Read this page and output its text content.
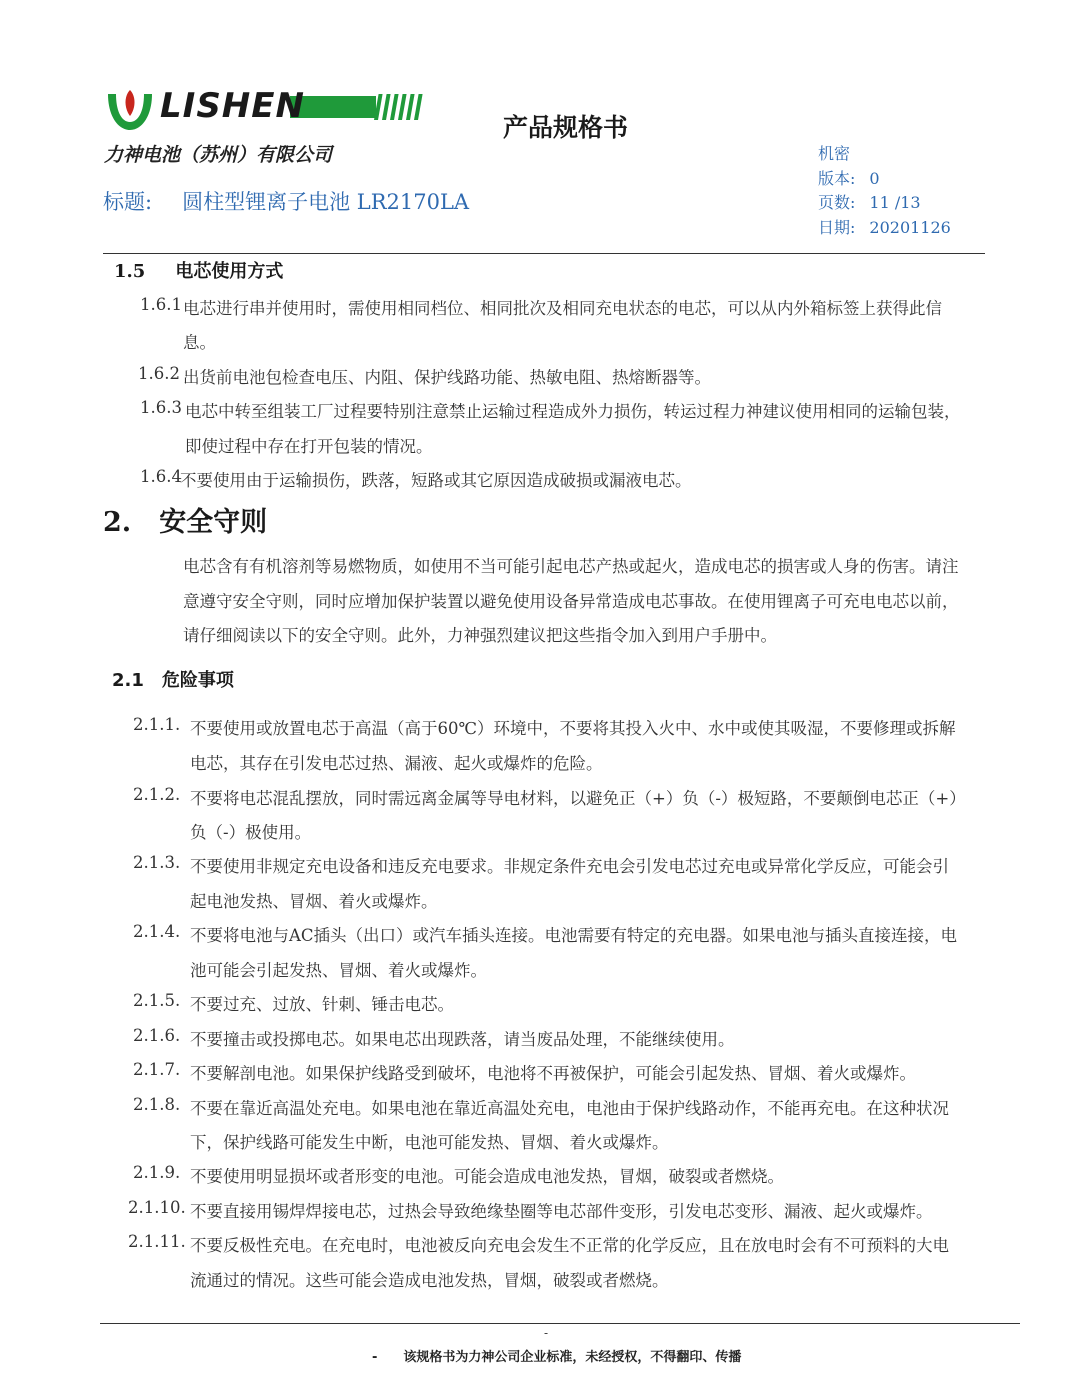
LISHEN
力神电池（苏州）有限公司
产品规格书
标题: 圆柱型锂离子电池 LR2170LA
机密
版本: 0
页数: 11 /13
日期: 20201126
1.5 电芯使用方式
1.6.1 电芯进行串并使用时，需使用相同档位、相同批次及相同充电状态的电芯，可以从内外箱标签上获得此信
息。
1.6.2 出货前电池包检查电压、内阻、保护线路功能、热敏电阻、热熔断器等。
1.6.3 电芯中转至组装工厂过程要特别注意禁止运输过程造成外力损伤，转运过程力神建议使用相同的运输包装，
即使过程中存在打开包装的情况。
1.6.4
不要使用由于运输损伤，跌落，短路或其它原因造成破损或漏液电芯。
2. 安全守则
电芯含有有机溶剂等易燃物质，如使用不当可能引起电芯产热或起火，造成电芯的损害或人身的伤害。请注
意遵守安全守则，同时应增加保护装置以避免使用设备异常造成电芯事故。在使用锂离子可充电电芯以前，
请仔细阅读以下的安全守则。此外，力神强烈建议把这些指令加入到用户手册中。
2.1 危险事项
2.1.1. 不要使用或放置电芯于高温（高于60℃）环境中，不要将其投入火中、水中或使其吸湿，不要修理或拆解
电芯，其存在引发电芯过热、漏液、起火或爆炸的危险。
2.1.2. 不要将电芯混乱摆放，同时需远离金属等导电材料，以避免正（+）负（-）极短路，不要颠倒电芯正（+）
负（-）极使用。
2.1.3. 不要使用非规定充电设备和违反充电要求。非规定条件充电会引发电芯过充电或异常化学反应，可能会引
起电池发热、冒烟、着火或爆炸。
2.1.4. 不要将电池与AC插头（出口）或汽车插头连接。电池需要有特定的充电器。如果电池与插头直接连接，电
池可能会引起发热、冒烟、着火或爆炸。
2.1.5. 不要过充、过放、针刺、锤击电芯。
2.1.6. 不要撞击或投掷电芯。如果电芯出现跌落，请当废品处理，不能继续使用。
2.1.7. 不要解剖电池。如果保护线路受到破坏，电池将不再被保护，可能会引起发热、冒烟、着火或爆炸。
2.1.8. 不要在靠近高温处充电。如果电池在靠近高温处充电，电池由于保护线路动作，不能再充电。在这种状况
下，保护线路可能发生中断，电池可能发热、冒烟、着火或爆炸。
2.1.9. 不要使用明显损坏或者形变的电池。可能会造成电池发热，冒烟，破裂或者燃烧。
2.1.10. 不要直接用锡焊焊接电芯，过热会导致绝缘垫圈等电芯部件变形，引发电芯变形、漏液、起火或爆炸。
2.1.11. 不要反极性充电。在充电时，电池被反向充电会发生不正常的化学反应，且在放电时会有不可预料的大电
流通过的情况。这些可能会造成电池发热，冒烟，破裂或者燃烧。
-
- 该规格书为力神公司企业标准，未经授权，不得翻印、传播
